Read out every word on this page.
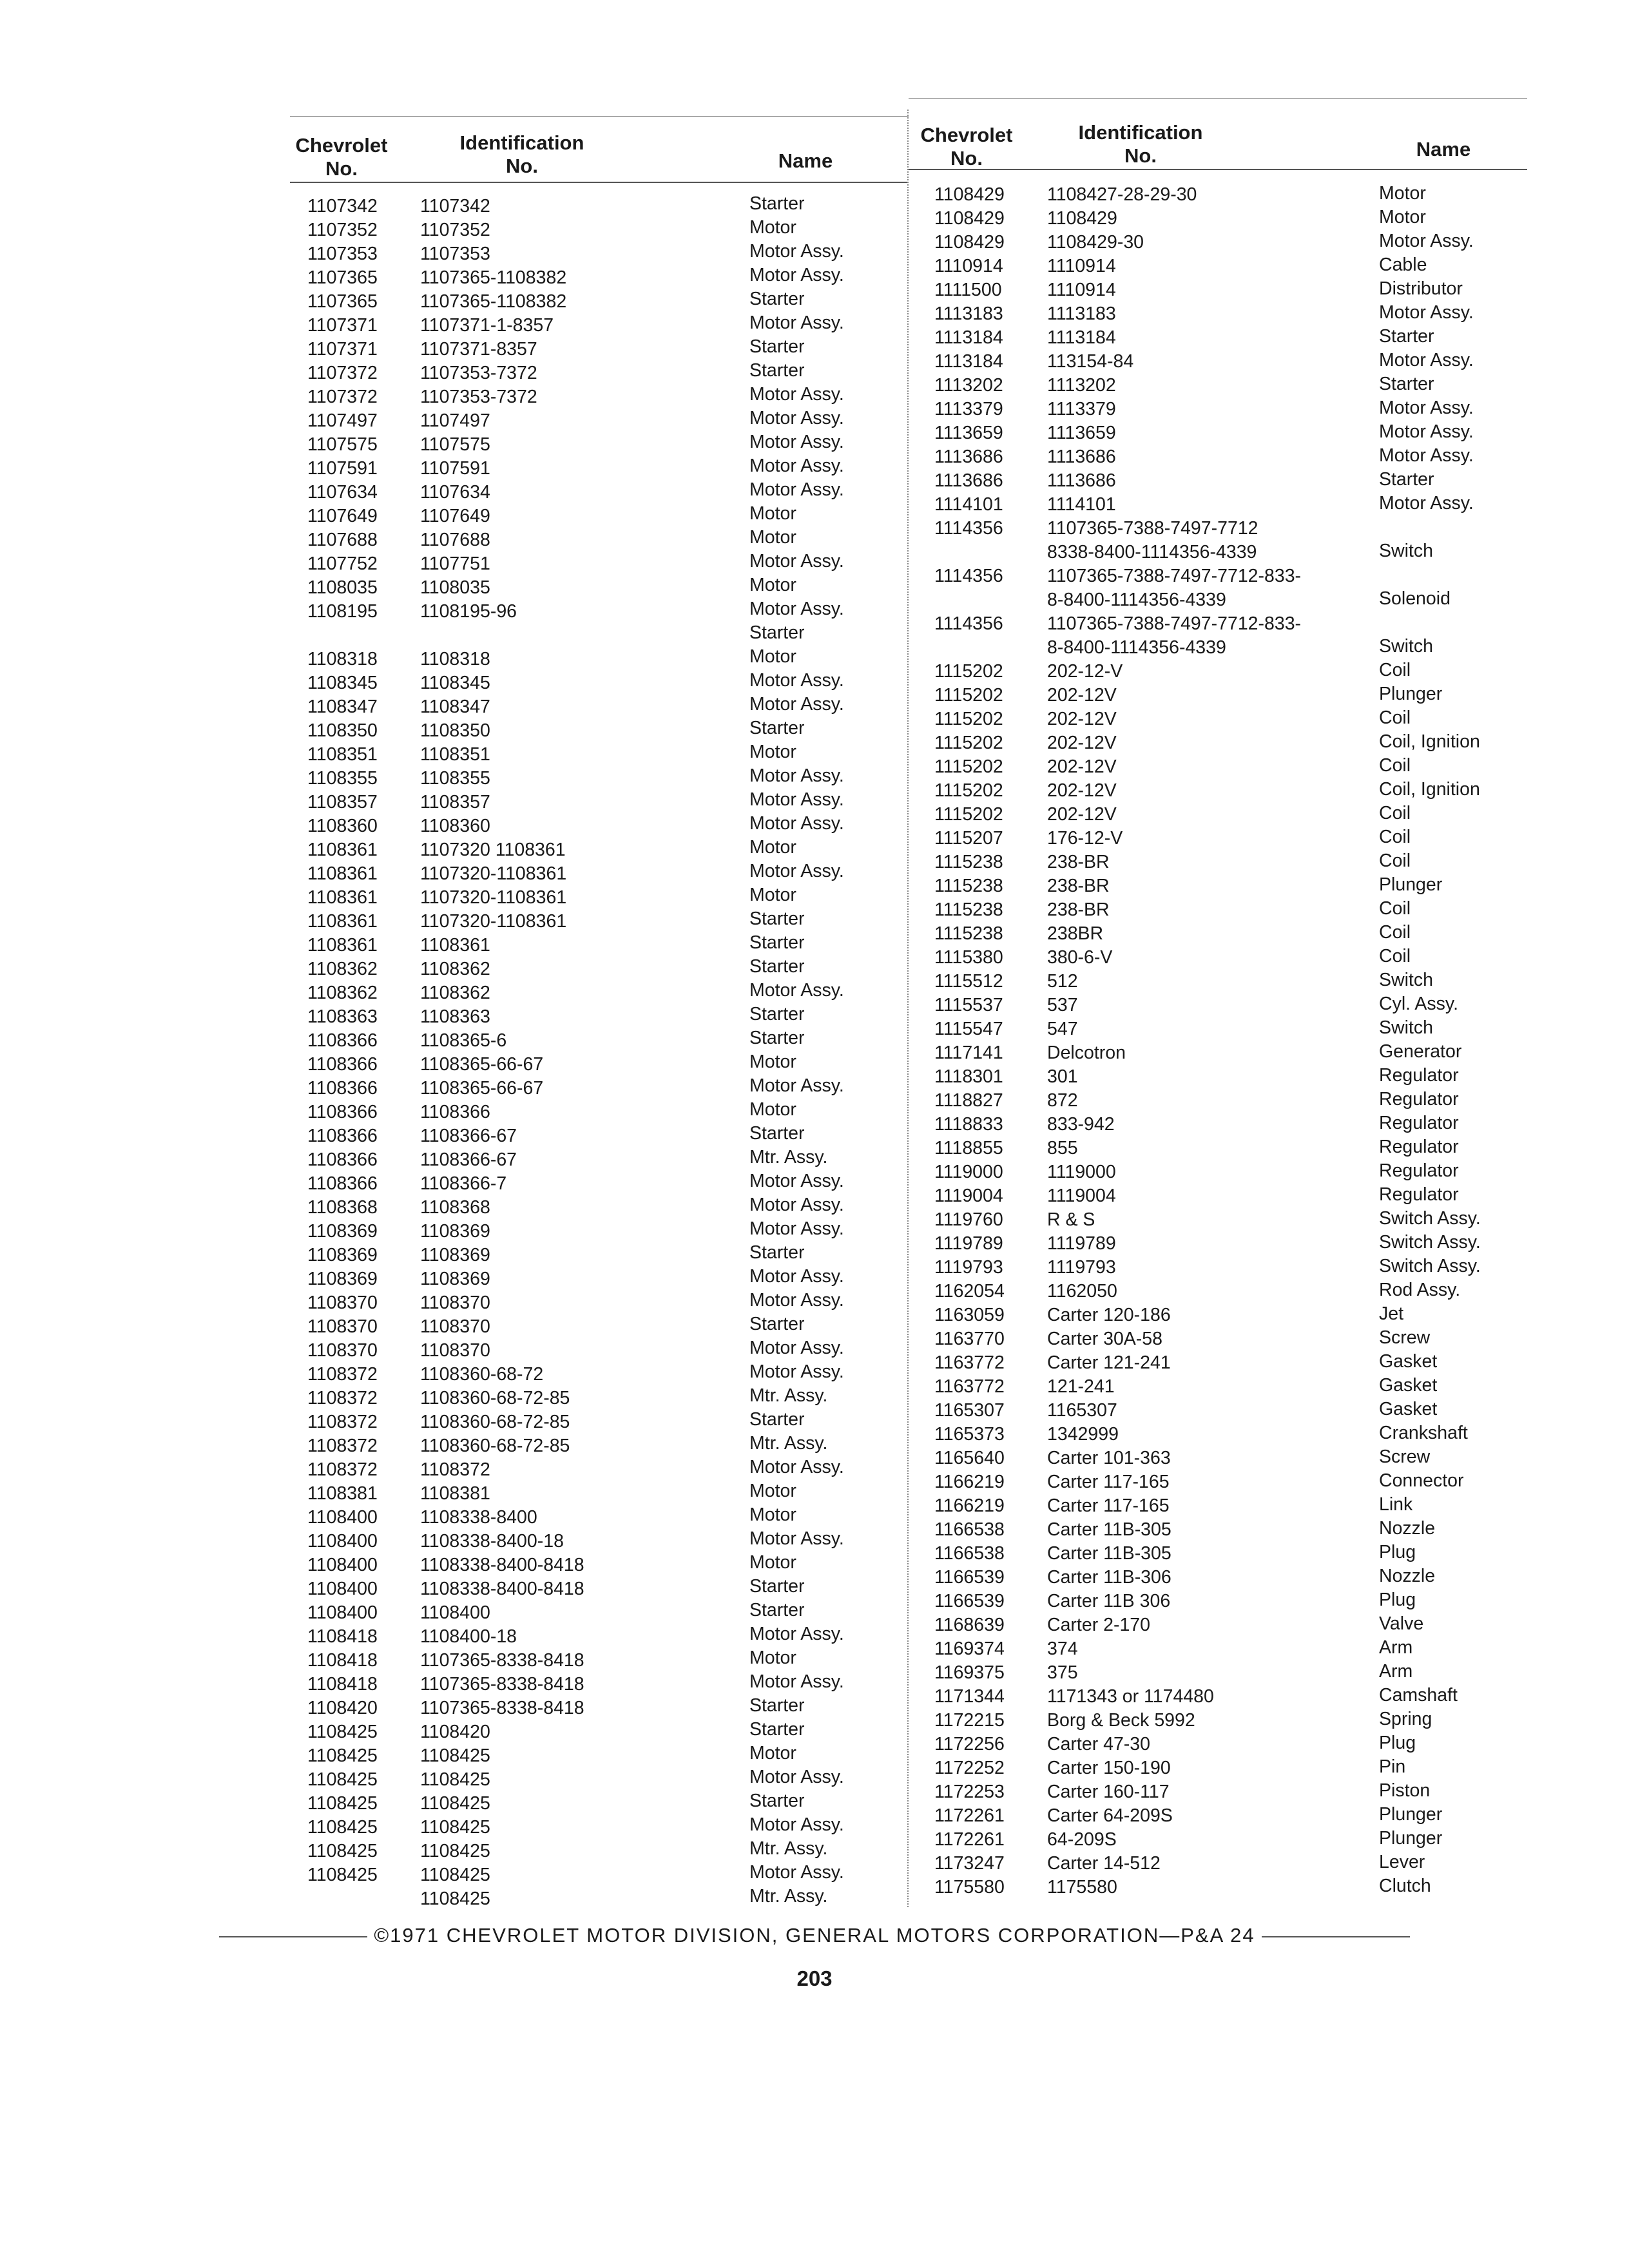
Chevrolet
No.
Identification
No.	Name
Chevrolet
No.
Identification
No.	Name
1107342
1107352
1107353
1107365
1107365
1107371
1107371
1107372
1107372
1107497
1107575
1107591
1107634
1107649
1107688
1107752
1108035
1108195
1108318
1108345
1108347
1108350
1108351
1108355
1108357
1108360
1108361
1108361
1108361
1108361
1108361
1108362
1108362
1108363
1108366
1108366
1108366
1108366
1108366
1108366
1108366
1108368
1108369
1108369
1108369
1108370
1108370
1108370
1108372
1108372
1108372
1108372
1108372
1108381
1108400
1108400
1108400
1108400
1108400
1108418
1108418
1108418
1108420
1108425
1108425
1108425
1108425
1108425
1108425
1108425
1107342
1107352
1107353
1107365-1108382
1107365-1108382
1107371-1-8357
1107371-8357
1107353-7372
1107353-7372
1107497
1107575
1107591
1107634
1107649
1107688
1107751
1108035
1108195-96
1108318
1108345
1108347
1108350
1108351
1108355
1108357
1108360
1107320 1108361
1107320-1108361
1107320-1108361
1107320-1108361
1108361
1108362
1108362
1108363
1108365-6
1108365-66-67
1108365-66-67
1108366
1108366-67
1108366-67
1108366-7
1108368
1108369
1108369
1108369
1108370
1108370
1108370
1108360-68-72
1108360-68-72-85
1108360-68-72-85
1108360-68-72-85
1108372
1108381
1108338-8400
1108338-8400-18
1108338-8400-8418
1108338-8400-8418
1108400
1108400-18
1107365-8338-8418
1107365-8338-8418
1107365-8338-8418
1108420
1108425
1108425
1108425
1108425
1108425
1108425
1108425
Starter
Motor
Motor Assy.
Motor Assy.
Starter
Motor Assy.
Starter
Starter
Motor Assy.
Motor Assy.
Motor Assy.
Motor Assy.
Motor Assy.
Motor
Motor
Motor Assy.
Motor
Motor Assy.
Starter
Motor
Motor Assy.
Motor Assy.
Starter
Motor
Motor Assy.
Motor Assy.
Motor Assy.
Motor
Motor Assy.
Motor
Starter
Starter
Starter
Motor Assy.
Starter
Starter
Motor
Motor Assy.
Motor
Starter
Mtr. Assy.
Motor Assy.
Motor Assy.
Motor Assy.
Starter
Motor Assy.
Motor Assy.
Starter
Motor Assy.
Motor Assy.
Mtr. Assy.
Starter
Mtr. Assy.
Motor Assy.
Motor
Motor
Motor Assy.
Motor
Starter
Starter
Motor Assy.
Motor
Motor Assy.
Starter
Starter
Motor
Motor Assy.
Starter
Motor Assy.
Mtr. Assy.
Motor Assy.
Mtr. Assy.
1108429
1108429
1108429
1110914
1111500
1113183
1113184
1113184
1113202
1113379
1113659
1113686
1113686
1114101
1114356
1114356
1114356
1115202
1115202
1115202
1115202
1115202
1115202
1115202
1115207
1115238
1115238
1115238
1115238
1115380
1115512
1115537
1115547
1117141
1118301
1118827
1118833
1118855
1119000
1119004
1119760
1119789
1119793
1162054
1163059
1163770
1163772
1163772
1165307
1165373
1165640
1166219
1166219
1166538
1166538
1166539
1166539
1168639
1169374
1169375
1171344
1172215
1172256
1172252
1172253
1172261
1172261
1173247
1175580
1108427-28-29-30
1108429
1108429-30
1110914
1110914
1113183
1113184
113154-84
1113202
1113379
1113659
1113686
1113686
1114101
1107365-7388-7497-7712
8338-8400-1114356-4339
1107365-7388-7497-7712-833-
8-8400-1114356-4339
1107365-7388-7497-7712-833-
8-8400-1114356-4339
202-12-V
202-12V
202-12V
202-12V
202-12V
202-12V
202-12V
176-12-V
238-BR
238-BR
238-BR
238BR
380-6-V
512
537
547
Delcotron
301
872
833-942
855
1119000
1119004
R & S
1119789
1119793
1162050
Carter 120-186
Carter 30A-58
Carter 121-241
121-241
1165307
1342999
Carter 101-363
Carter 117-165
Carter 117-165
Carter 11B-305
Carter 11B-305
Carter 11B-306
Carter 11B 306
Carter 2-170
374
375
1171343 or 1174480
Borg & Beck 5992
Carter 47-30
Carter 150-190
Carter 160-117
Carter 64-209S
64-209S
Carter 14-512
1175580
Motor
Motor
Motor Assy.
Cable
Distributor
Motor Assy.
Starter
Motor Assy.
Starter
Motor Assy.
Motor Assy.
Motor Assy.
Starter
Motor Assy.
Switch
Solenoid
Switch
Coil
Plunger
Coil
Coil, Ignition
Coil
Coil, Ignition
Coil
Coil
Coil
Plunger
Coil
Coil
Coil
Switch
Cyl. Assy.
Switch
Generator
Regulator
Regulator
Regulator
Regulator
Regulator
Regulator
Switch Assy.
Switch Assy.
Switch Assy.
Rod Assy.
Jet
Screw
Gasket
Gasket
Gasket
Crankshaft
Screw
Connector
Link
Nozzle
Plug
Nozzle
Plug
Valve
Arm
Arm
Camshaft
Spring
Plug
Pin
Piston
Plunger
Plunger
Lever
Clutch
©1971 CHEVROLET MOTOR DIVISION, GENERAL MOTORS CORPORATION—P&A 24
203
